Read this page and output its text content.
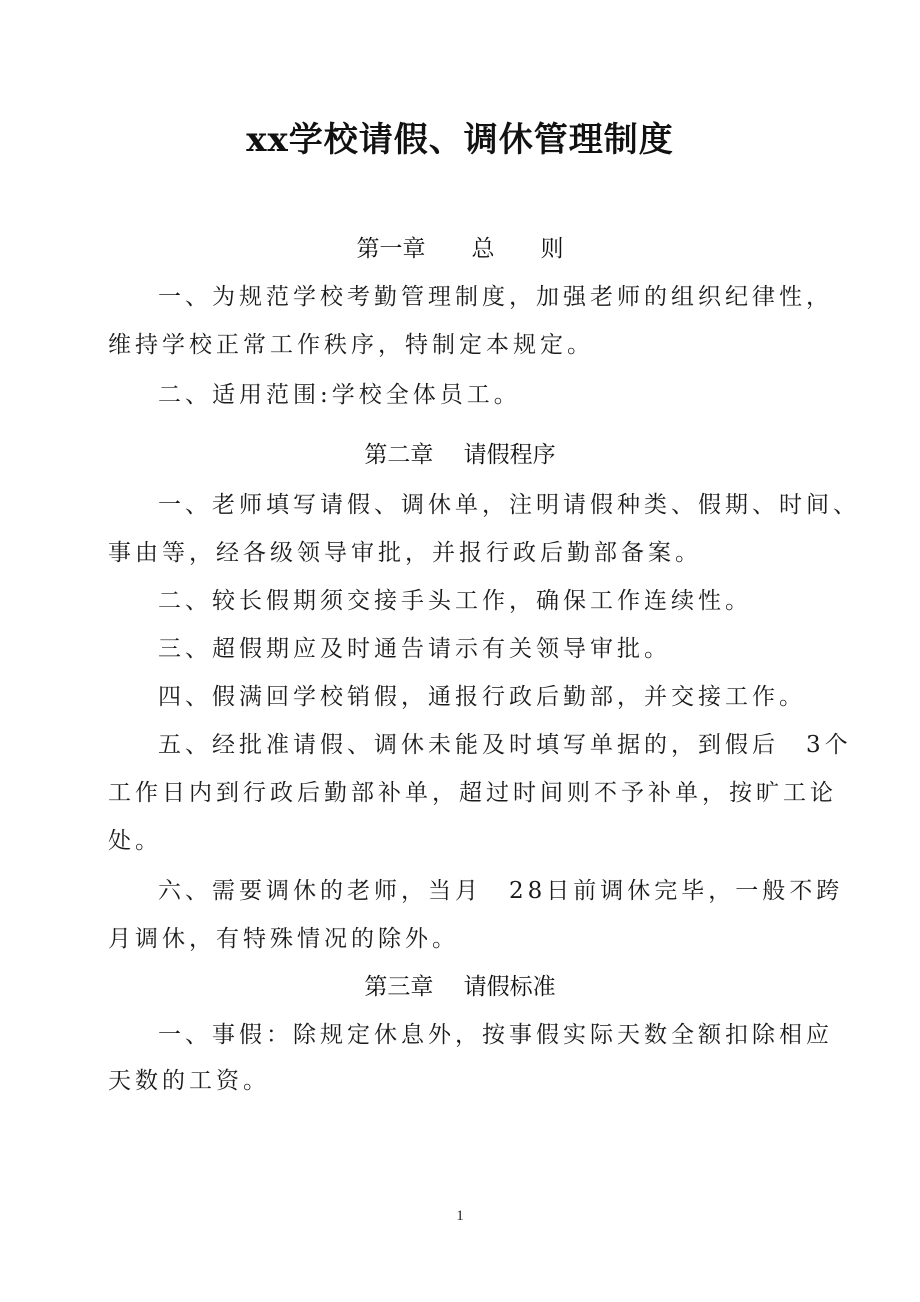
xx学校请假、调休管理制度
第一章　　总　　则
一、为规范学校考勤管理制度，加强老师的组织纪律性，
维持学校正常工作秩序，特制定本规定。
二、适用范围:学校全体员工。
第二章　 请假程序
一、老师填写请假、调休单，注明请假种类、假期、时间、
事由等，经各级领导审批，并报行政后勤部备案。
二、较长假期须交接手头工作，确保工作连续性。
三、超假期应及时通告请示有关领导审批。
四、假满回学校销假，通报行政后勤部，并交接工作。
五、经批准请假、调休未能及时填写单据的，到假后　3个
工作日内到行政后勤部补单，超过时间则不予补单，按旷工论
处。
六、需要调休的老师，当月　28日前调休完毕，一般不跨
月调休，有特殊情况的除外。
第三章　 请假标准
一、事假：除规定休息外，按事假实际天数全额扣除相应
天数的工资。
1
